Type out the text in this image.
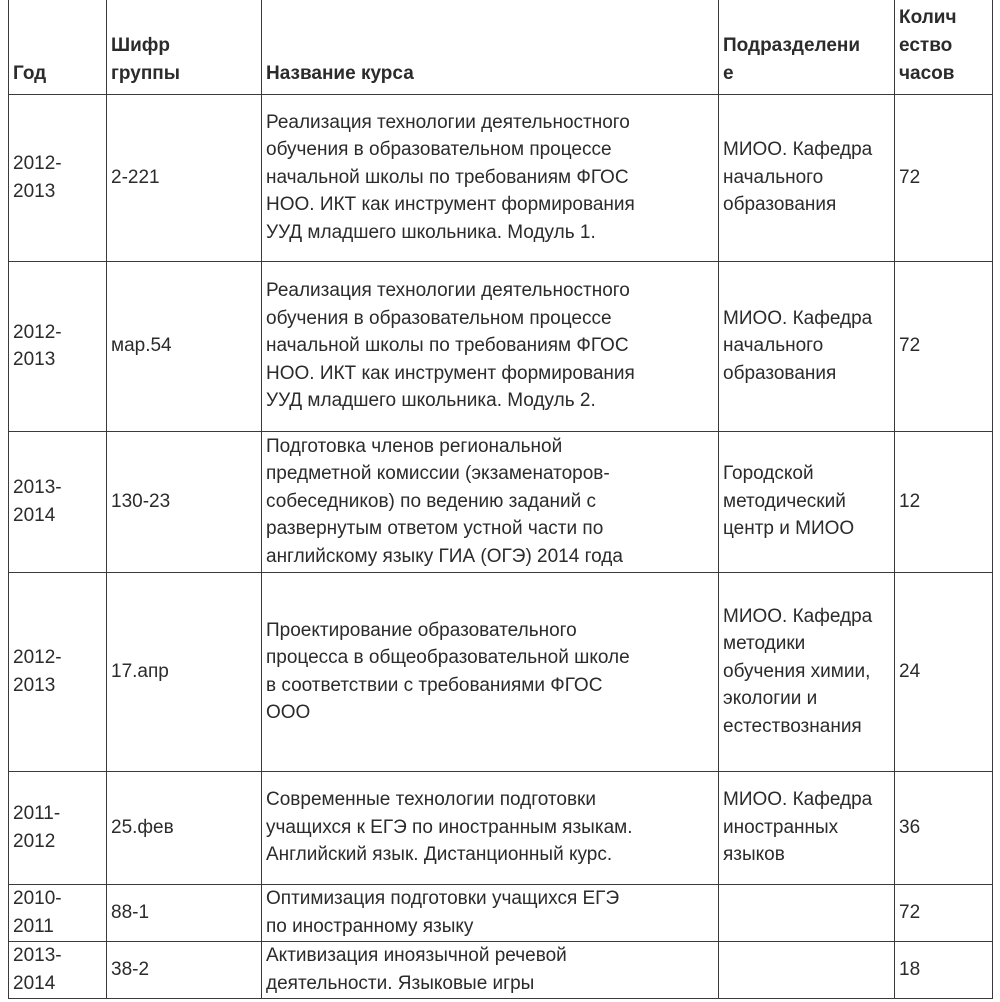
Год	Шифр
группы	Название курса	Подразделени
е	Колич
ество
часов

2012-
2013	2-221	Реализация технологии деятельностного
обучения в образовательном процессе
начальной школы по требованиям ФГОС
НОО. ИКТ как инструмент формирования
УУД младшего школьника. Модуль 1.	МИОО. Кафедра
начального
образования	72

2012-
2013	мар.54	Реализация технологии деятельностного
обучения в образовательном процессе
начальной школы по требованиям ФГОС
НОО. ИКТ как инструмент формирования
УУД младшего школьника. Модуль 2.	МИОО. Кафедра
начального
образования	72

2013-
2014	130-23	Подготовка членов региональной
предметной комиссии (экзаменаторов-
собеседников) по ведению заданий с
развернутым ответом устной части по
английскому языку ГИА (ОГЭ) 2014 года	Городской
методический
центр и МИОО	12

2012-
2013	17.апр	Проектирование образовательного
процесса в общеобразовательной школе
в соответствии с требованиями ФГОС
ООО	МИОО. Кафедра
методики
обучения химии,
экологии и
естествознания	24

2011-
2012	25.фев	Современные технологии подготовки
учащихся к ЕГЭ по иностранным языкам.
Английский язык. Дистанционный курс.	МИОО. Кафедра
иностранных
языков	36

2010-
2011	88-1	Оптимизация подготовки учащихся ЕГЭ
по иностранному языку		72

2013-
2014	38-2	Активизация иноязычной речевой
деятельности. Языковые игры		18
